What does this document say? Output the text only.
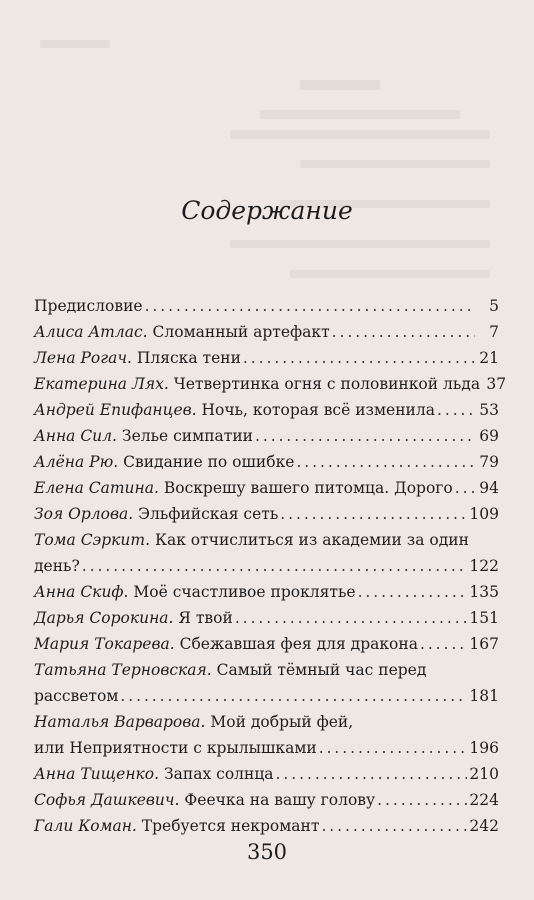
Содержание
Предисловие . . .	5
Алиса Атлас. Сломанный артефакт . . .	7
Лена Рогач. Пляска тени . . .	21
Екатерина Лях. Четвертинка огня с половинкой льда 37
Андрей Епифанцев. Ночь, которая всё изменила . . .	53
Анна Сил. Зелье симпатии . . .	69
Алёна Рю. Свидание по ошибке . . .	79
Елена Сатина. Воскрешу вашего питомца. Дорого . . . 94
Зоя Орлова. Эльфийская сеть . . .	109
Тома Сэркит. Как отчислиться из академии за один
день? . . .	122
Анна Скиф. Моё счастливое проклятье . . .	135
Дарья Сорокина. Я твой . . .	151
Мария Токарева. Сбежавшая фея для дракона . . .	167
Татьяна Терновская. Самый тёмный час перед
рассветом . . .	181
Наталья Варварова. Мой добрый фей,
или Неприятности с крылышками . . .	196
Анна Тищенко. Запах солнца . . .	210
Софья Дашкевич. Феечка на вашу голову . . .	224
Гали Коман. Требуется некромант . . .	242
350
